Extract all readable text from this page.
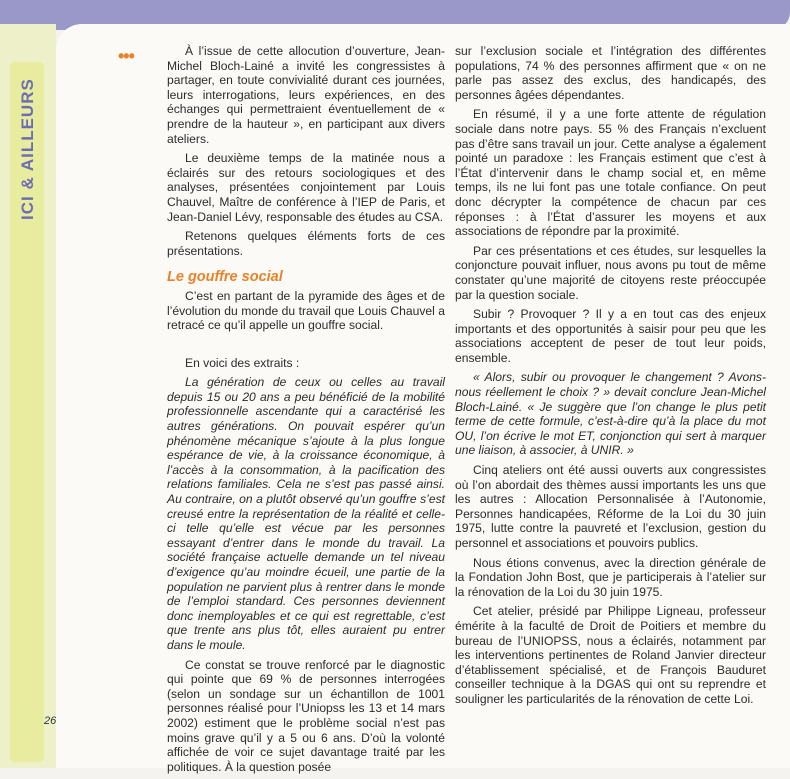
ICI & AILLEURS
26
•••	À l’issue de cette allocution d’ouverture, Jean-Michel Bloch-Lainé a invité les congressistes à partager, en toute convivialité durant ces journées, leurs interrogations, leurs expériences, en des échanges qui permettraient éventuellement de « prendre de la hauteur », en participant aux divers ateliers.

Le deuxième temps de la matinée nous a éclairés sur des retours sociologiques et des analyses, présentées conjointement par Louis Chauvel, Maître de conférence à l’IEP de Paris, et Jean-Daniel Lévy, responsable des études au CSA.

Retenons quelques éléments forts de ces présentations.

Le gouffre social

C’est en partant de la pyramide des âges et de l’évolution du monde du travail que Louis Chauvel a retracé ce qu’il appelle un gouffre social.

En voici des extraits :

La génération de ceux ou celles au travail depuis 15 ou 20 ans a peu bénéficié de la mobilité professionnelle ascendante qui a caractérisé les autres générations. On pouvait espérer qu’un phénomène mécanique s’ajoute à la plus longue espérance de vie, à la croissance économique, à l’accès à la consommation, à la pacification des relations familiales. Cela ne s’est pas passé ainsi. Au contraire, on a plutôt observé qu’un gouffre s’est creusé entre la représentation de la réalité et celle-ci telle qu’elle est vécue par les personnes essayant d’entrer dans le monde du travail. La société française actuelle demande un tel niveau d’exigence qu’au moindre écueil, une partie de la population ne parvient plus à rentrer dans le monde de l’emploi standard. Ces personnes deviennent donc inemployables et ce qui est regrettable, c’est que trente ans plus tôt, elles auraient pu entrer dans le moule.

Ce constat se trouve renforcé par le diagnostic qui pointe que 69 % de personnes interrogées (selon un sondage sur un échantillon de 1001 personnes réalisé pour l’Uniopss les 13 et 14 mars 2002) estiment que le problème social n’est pas moins grave qu’il y a 5 ou 6 ans. D’où la volonté affichée de voir ce sujet davantage traité par les politiques. À la question posée

sur l’exclusion sociale et l’intégration des différentes populations, 74 % des personnes affirment que « on ne parle pas assez des exclus, des handicapés, des personnes âgées dépendantes.

En résumé, il y a une forte attente de régulation sociale dans notre pays. 55 % des Français n’excluent pas d’être sans travail un jour. Cette analyse a également pointé un paradoxe : les Français estiment que c’est à l’État d’intervenir dans le champ social et, en même temps, ils ne lui font pas une totale confiance. On peut donc décrypter la compétence de chacun par ces réponses : à l’État d’assurer les moyens et aux associations de répondre par la proximité.

Par ces présentations et ces études, sur lesquelles la conjoncture pouvait influer, nous avons pu tout de même constater qu’une majorité de citoyens reste préoccupée par la question sociale.

Subir ? Provoquer ? Il y a en tout cas des enjeux importants et des opportunités à saisir pour peu que les associations acceptent de peser de tout leur poids, ensemble.

« Alors, subir ou provoquer le changement ? Avons-nous réellement le choix ? » devait conclure Jean-Michel Bloch-Lainé. « Je suggère que l’on change le plus petit terme de cette formule, c’est-à-dire qu’à la place du mot OU, l’on écrive le mot ET, conjonction qui sert à marquer une liaison, à associer, à UNIR. »

Cinq ateliers ont été aussi ouverts aux congressistes où l’on abordait des thèmes aussi importants les uns que les autres : Allocation Personnalisée à l’Autonomie, Personnes handicapées, Réforme de la Loi du 30 juin 1975, lutte contre la pauvreté et l’exclusion, gestion du personnel et associations et pouvoirs publics.

Nous étions convenus, avec la direction générale de la Fondation John Bost, que je participerais à l’atelier sur la rénovation de la Loi du 30 juin 1975.

Cet atelier, présidé par Philippe Ligneau, professeur émérite à la faculté de Droit de Poitiers et membre du bureau de l’UNIOPSS, nous a éclairés, notamment par les interventions pertinentes de Roland Janvier directeur d’établissement spécialisé, et de François Bauduret conseiller technique à la DGAS qui ont su reprendre et souligner les particularités de la rénovation de cette Loi.
